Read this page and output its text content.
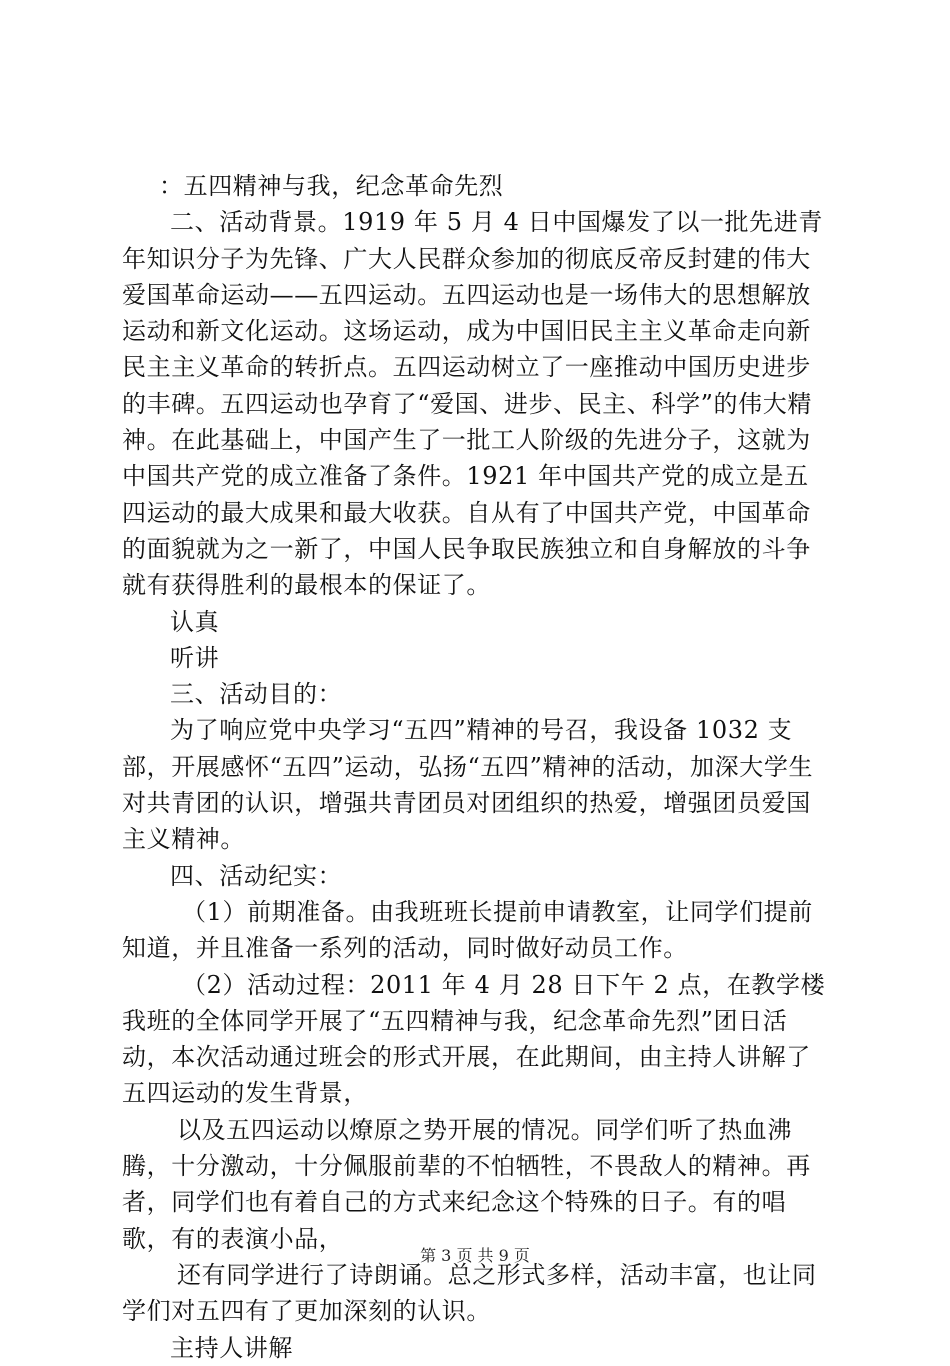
：五四精神与我，纪念革命先烈

二、活动背景。1919 年 5 月 4 日中国爆发了以一批先进青年知识分子为先锋、广大人民群众参加的彻底反帝反封建的伟大爱国革命运动——五四运动。五四运动也是一场伟大的思想解放运动和新文化运动。这场运动，成为中国旧民主主义革命走向新民主主义革命的转折点。五四运动树立了一座推动中国历史进步的丰碑。五四运动也孕育了“爱国、进步、民主、科学”的伟大精神。在此基础上，中国产生了一批工人阶级的先进分子，这就为中国共产党的成立准备了条件。1921 年中国共产党的成立是五四运动的最大成果和最大收获。自从有了中国共产党，中国革命的面貌就为之一新了，中国人民争取民族独立和自身解放的斗争就有获得胜利的最根本的保证了。

认真

听讲

三、活动目的：

为了响应党中央学习“五四”精神的号召，我设备 1032 支部，开展感怀“五四”运动，弘扬“五四”精神的活动，加深大学生对共青团的认识，增强共青团员对团组织的热爱，增强团员爱国主义精神。

四、活动纪实：

（1）前期准备。由我班班长提前申请教室，让同学们提前知道，并且准备一系列的活动，同时做好动员工作。

（2）活动过程：2011 年 4 月 28 日下午 2 点，在教学楼我班的全体同学开展了“五四精神与我，纪念革命先烈”团日活动，本次活动通过班会的形式开展，在此期间，由主持人讲解了五四运动的发生背景，

以及五四运动以燎原之势开展的情况。同学们听了热血沸腾，十分激动，十分佩服前辈的不怕牺牲，不畏敌人的精神。再者，同学们也有着自己的方式来纪念这个特殊的日子。有的唱歌，有的表演小品，

还有同学进行了诗朗诵。总之形式多样，活动丰富，也让同学们对五四有了更加深刻的认识。

主持人讲解

第 3 页 共 9 页
